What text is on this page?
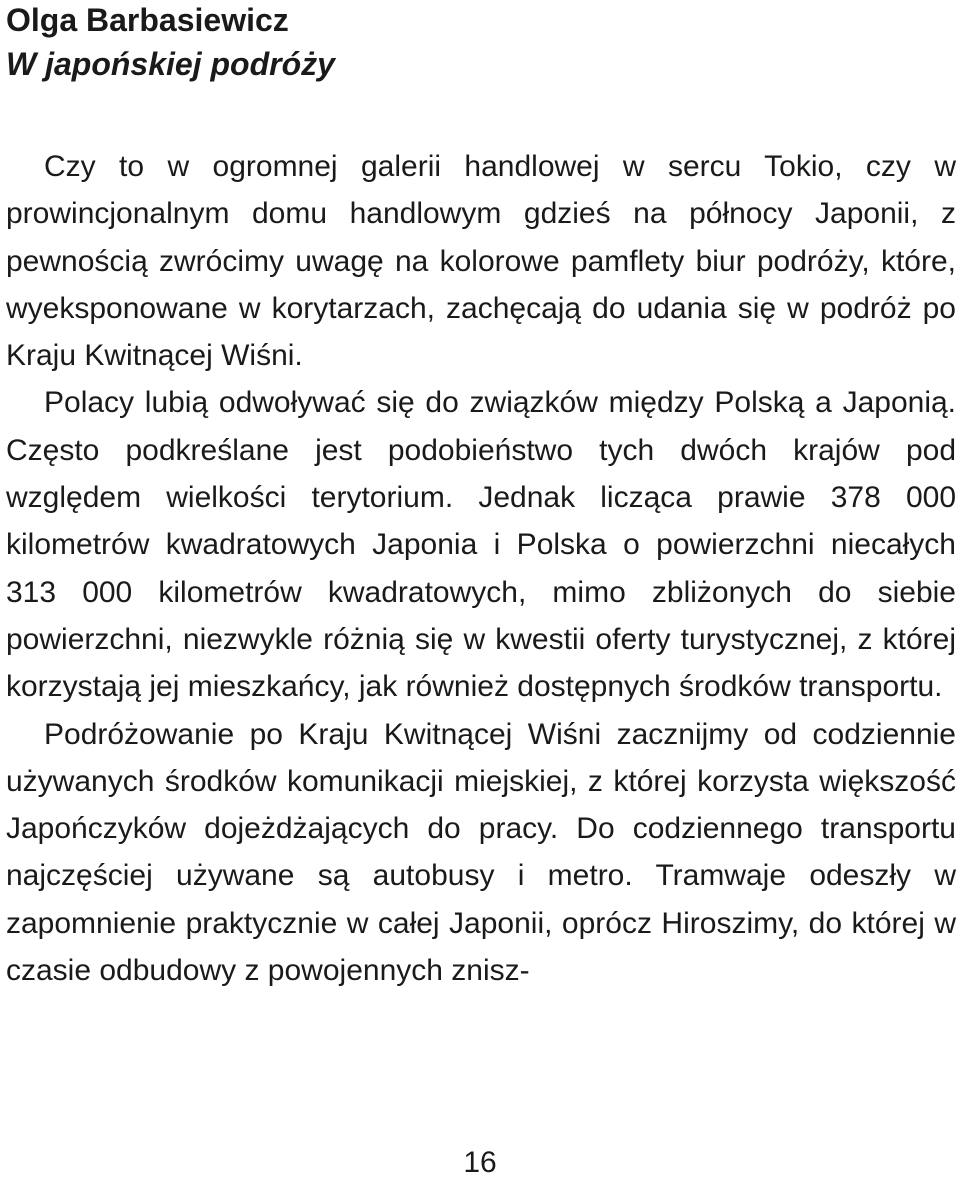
Olga Barbasiewicz
W japońskiej podróży

Czy to w ogromnej galerii handlowej w sercu Tokio, czy w prowincjonalnym domu handlowym gdzieś na północy Japonii, z pewnością zwrócimy uwagę na kolorowe pamflety biur podróży, które, wyeksponowane w korytarzach, zachęcają do udania się w podróż po Kraju Kwitnącej Wiśni.

Polacy lubią odwoływać się do związków między Polską a Japonią. Często podkreślane jest podobieństwo tych dwóch krajów pod względem wielkości terytorium. Jednak licząca prawie 378 000 kilometrów kwadratowych Japonia i Polska o powierzchni niecałych 313 000 kilometrów kwadratowych, mimo zbliżonych do siebie powierzchni, niezwykle różnią się w kwestii oferty turystycznej, z której korzystają jej mieszkańcy, jak również dostępnych środków transportu.

Podróżowanie po Kraju Kwitnącej Wiśni zacznijmy od codziennie używanych środków komunikacji miejskiej, z której korzysta większość Japończyków dojeżdżających do pracy. Do codziennego transportu najczęściej używane są autobusy i metro. Tramwaje odeszły w zapomnienie praktycznie w całej Japonii, oprócz Hiroszimy, do której w czasie odbudowy z powojennych znisz-

16
